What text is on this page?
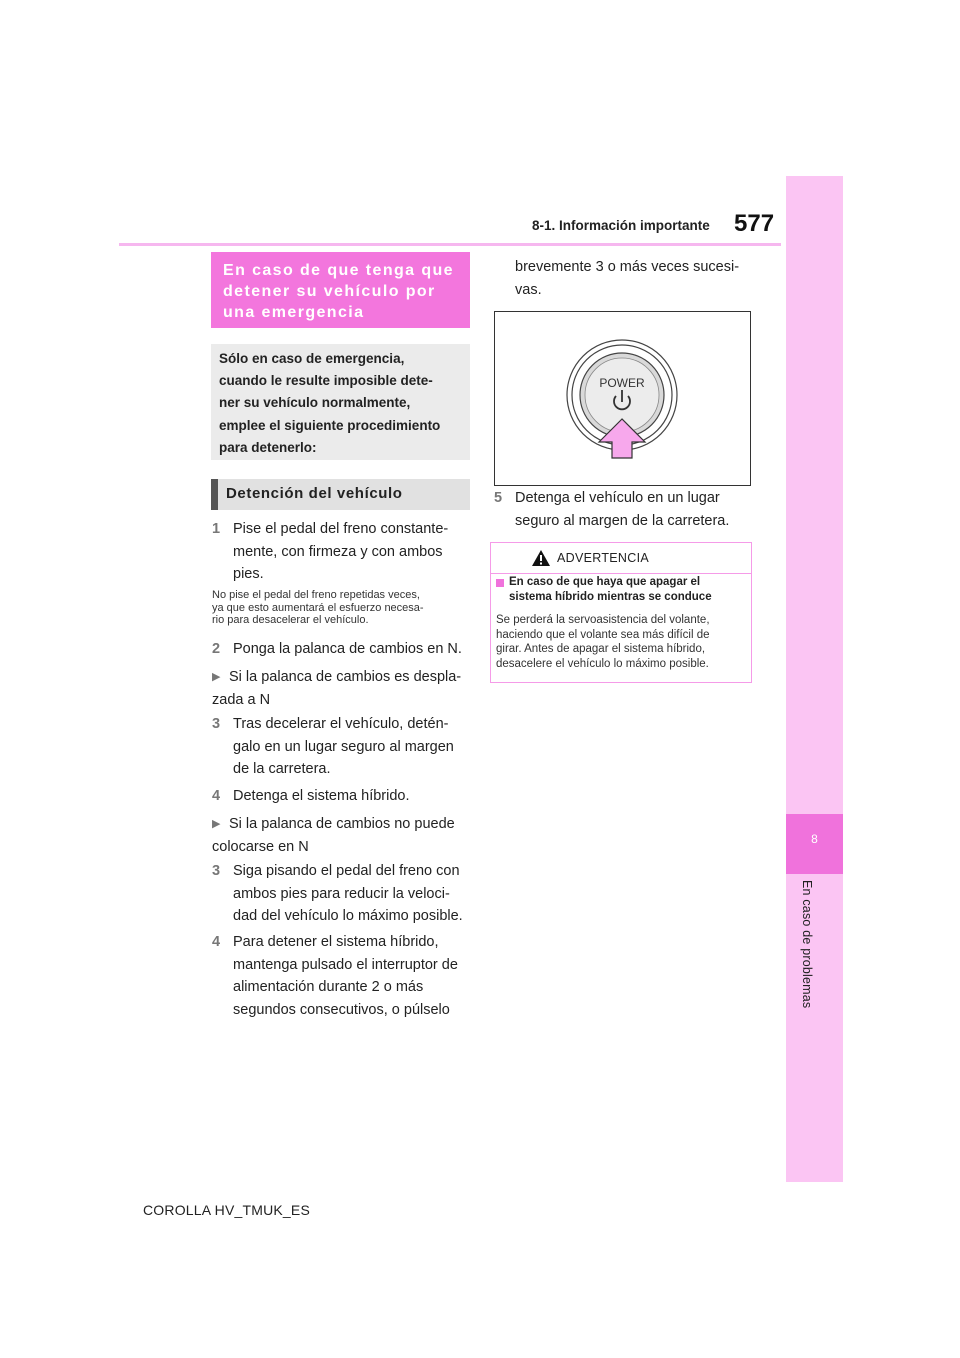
8-1. Información importante 577
8
En caso de problemas
En caso de que tenga que detener su vehículo por una emergencia
Sólo en caso de emergencia,
cuando le resulte imposible dete-
ner su vehículo normalmente,
emplee el siguiente procedimiento
para detenerlo:
Detención del vehículo
1 Pise el pedal del freno constante-
mente, con firmeza y con ambos
pies.
No pise el pedal del freno repetidas veces,
ya que esto aumentará el esfuerzo necesa-
rio para desacelerar el vehículo.
2 Ponga la palanca de cambios en N.
▶ Si la palanca de cambios es despla-
zada a N
3 Tras decelerar el vehículo, detén-
galo en un lugar seguro al margen
de la carretera.
4 Detenga el sistema híbrido.
▶ Si la palanca de cambios no puede
colocarse en N
3 Siga pisando el pedal del freno con
ambos pies para reducir la veloci-
dad del vehículo lo máximo posible.
4 Para detener el sistema híbrido,
mantenga pulsado el interruptor de
alimentación durante 2 o más
segundos consecutivos, o púlselo
brevemente 3 o más veces sucesi-
vas.
POWER
5 Detenga el vehículo en un lugar
seguro al margen de la carretera.
ADVERTENCIA
En caso de que haya que apagar el
sistema híbrido mientras se conduce
Se perderá la servoasistencia del volante,
haciendo que el volante sea más difícil de
girar. Antes de apagar el sistema híbrido,
desacelere el vehículo lo máximo posible.
COROLLA HV_TMUK_ES
